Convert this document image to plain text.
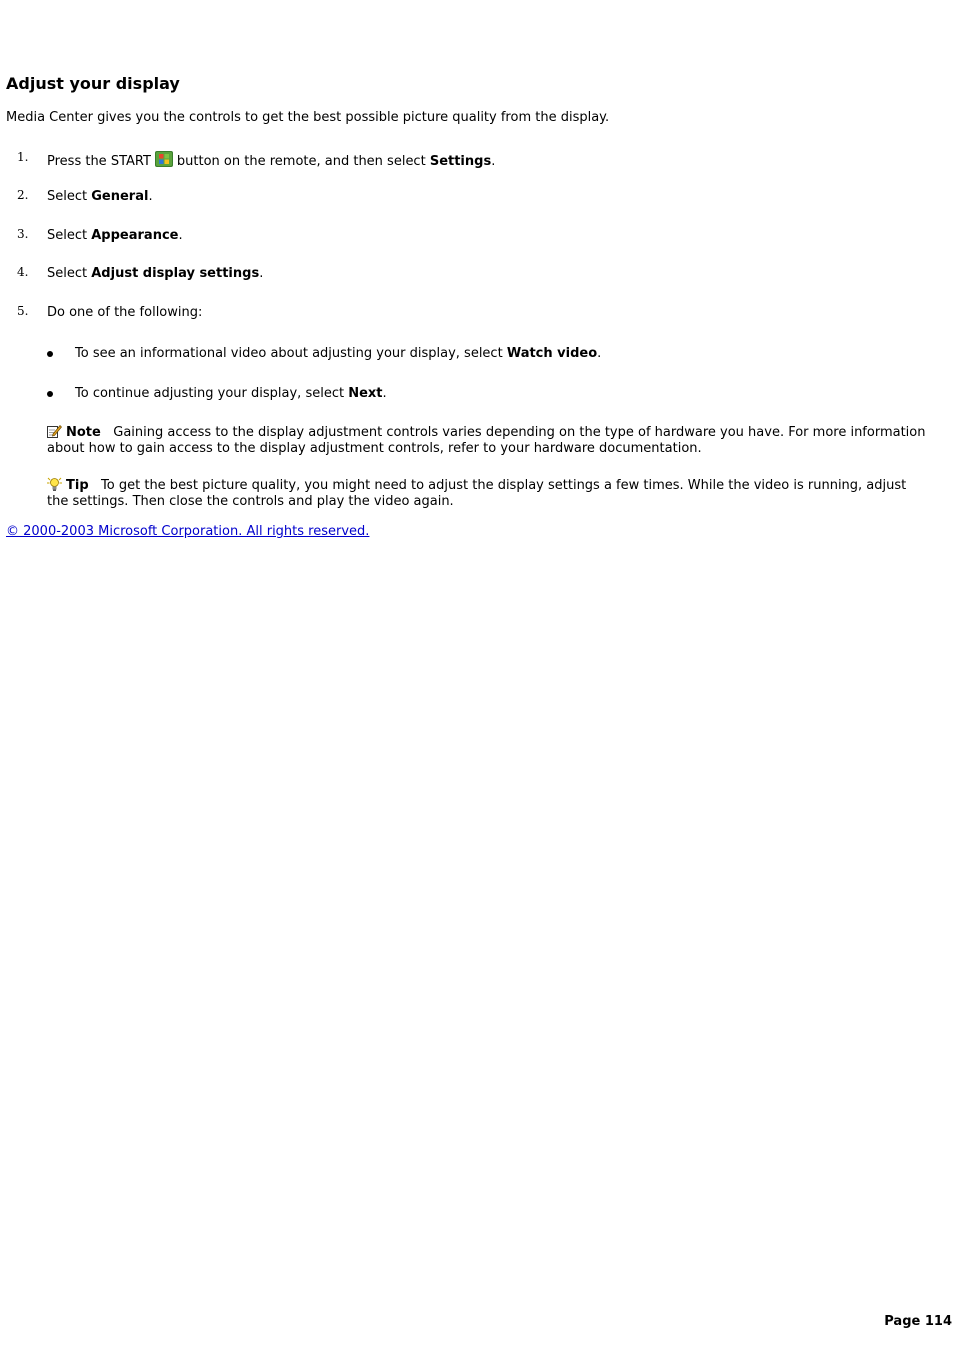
Adjust your display

Media Center gives you the controls to get the best possible picture quality from the display.

1. Press the START button on the remote, and then select Settings.
2. Select General.
3. Select Appearance.
4. Select Adjust display settings.
5. Do one of the following:
To see an informational video about adjusting your display, select Watch video.
To continue adjusting your display, select Next.
Note Gaining access to the display adjustment controls varies depending on the type of hardware you have. For more information about how to gain access to the display adjustment controls, refer to your hardware documentation.
Tip To get the best picture quality, you might need to adjust the display settings a few times. While the video is running, adjust the settings. Then close the controls and play the video again.
© 2000-2003 Microsoft Corporation. All rights reserved.
Page 114
